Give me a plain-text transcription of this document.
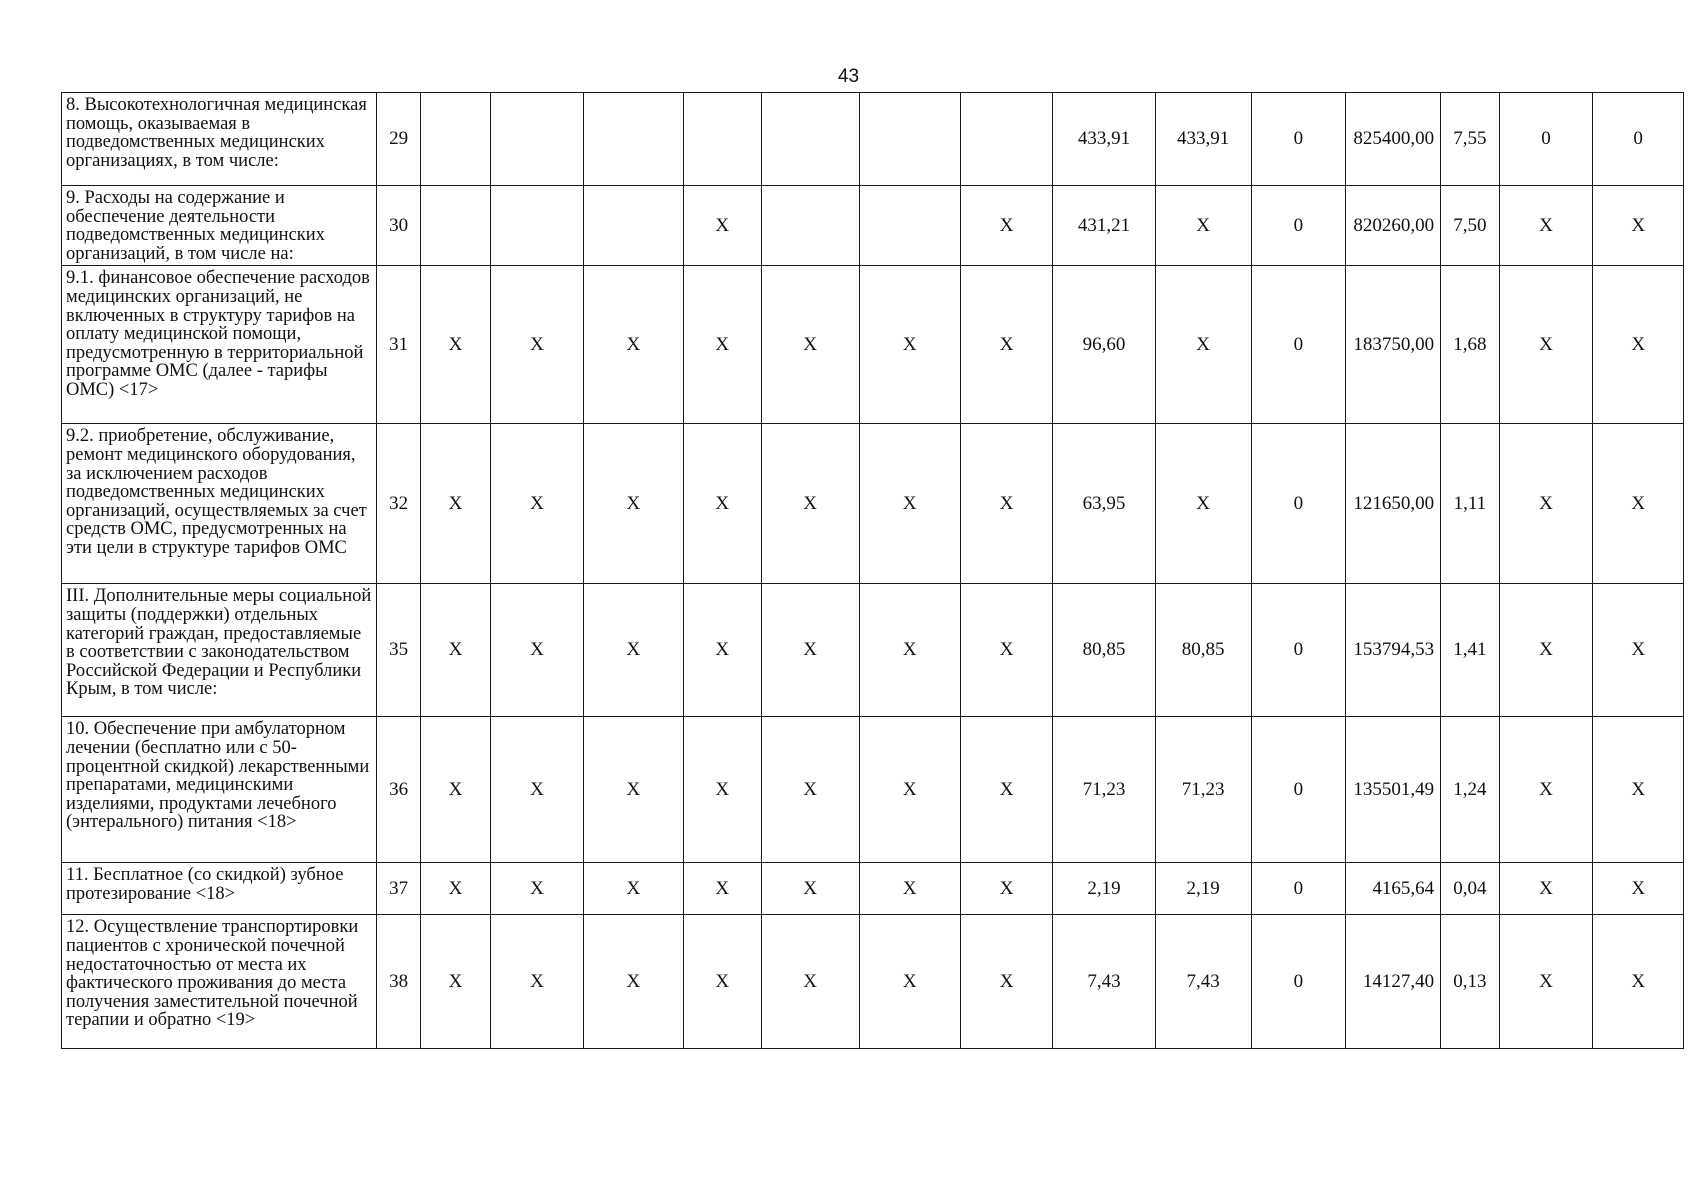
43
8. Высокотехнологичная медицинская помощь, оказываемая в подведомственных медицинских организациях, в том числе:	29								433,91	433,91	0	825400,00	7,55	0	0
9. Расходы на содержание и обеспечение деятельности подведомственных медицинских организаций, в том числе на:	30				X			X	431,21	X	0	820260,00	7,50	X	X
9.1. финансовое обеспечение расходов медицинских организаций, не включенных в структуру тарифов на оплату медицинской помощи, предусмотренную в территориальной программе ОМС (далее - тарифы ОМС) <17>	31	X	X	X	X	X	X	X	96,60	X	0	183750,00	1,68	X	X
9.2. приобретение, обслуживание, ремонт медицинского оборудования, за исключением расходов подведомственных медицинских организаций, осуществляемых за счет средств ОМС, предусмотренных на эти цели в структуре тарифов ОМС	32	X	X	X	X	X	X	X	63,95	X	0	121650,00	1,11	X	X
III. Дополнительные меры социальной защиты (поддержки) отдельных категорий граждан, предоставляемые в соответствии с законодательством Российской Федерации и Республики Крым, в том числе:	35	X	X	X	X	X	X	X	80,85	80,85	0	153794,53	1,41	X	X
10. Обеспечение при амбулаторном лечении (бесплатно или с 50- процентной скидкой) лекарственными препаратами, медицинскими изделиями, продуктами лечебного (энтерального) питания <18>	36	X	X	X	X	X	X	X	71,23	71,23	0	135501,49	1,24	X	X
11. Бесплатное (со скидкой) зубное протезирование <18>	37	X	X	X	X	X	X	X	2,19	2,19	0	4165,64	0,04	X	X
12. Осуществление транспортировки пациентов с хронической почечной недостаточностью от места их фактического проживания до места получения заместительной почечной терапии и обратно <19>	38	X	X	X	X	X	X	X	7,43	7,43	0	14127,40	0,13	X	X
